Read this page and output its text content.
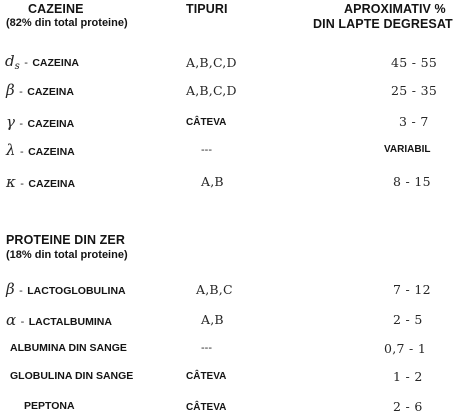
CAZEINE
(82% din total proteine)
TIPURI	APROXIMATIV %
DIN LAPTE DEGRESAT
ds - CAZEINA	A,B,C,D	45 - 55
β - CAZEINA	A,B,C,D	25 - 35
γ - CAZEINA	CÂTEVA	3 - 7
λ - CAZEINA	---	VARIABIL
κ - CAZEINA	A,B	8 - 15
PROTEINE DIN ZER
(18% din total proteine)
β - LACTOGLOBULINA	A,B,C	7 - 12
α - LACTALBUMINA	A,B	2 - 5
ALBUMINA DIN SANGE	---	0,7 - 1
GLOBULINA DIN SANGE	CÂTEVA	1 - 2
PEPTONA	CÂTEVA	2 - 6
